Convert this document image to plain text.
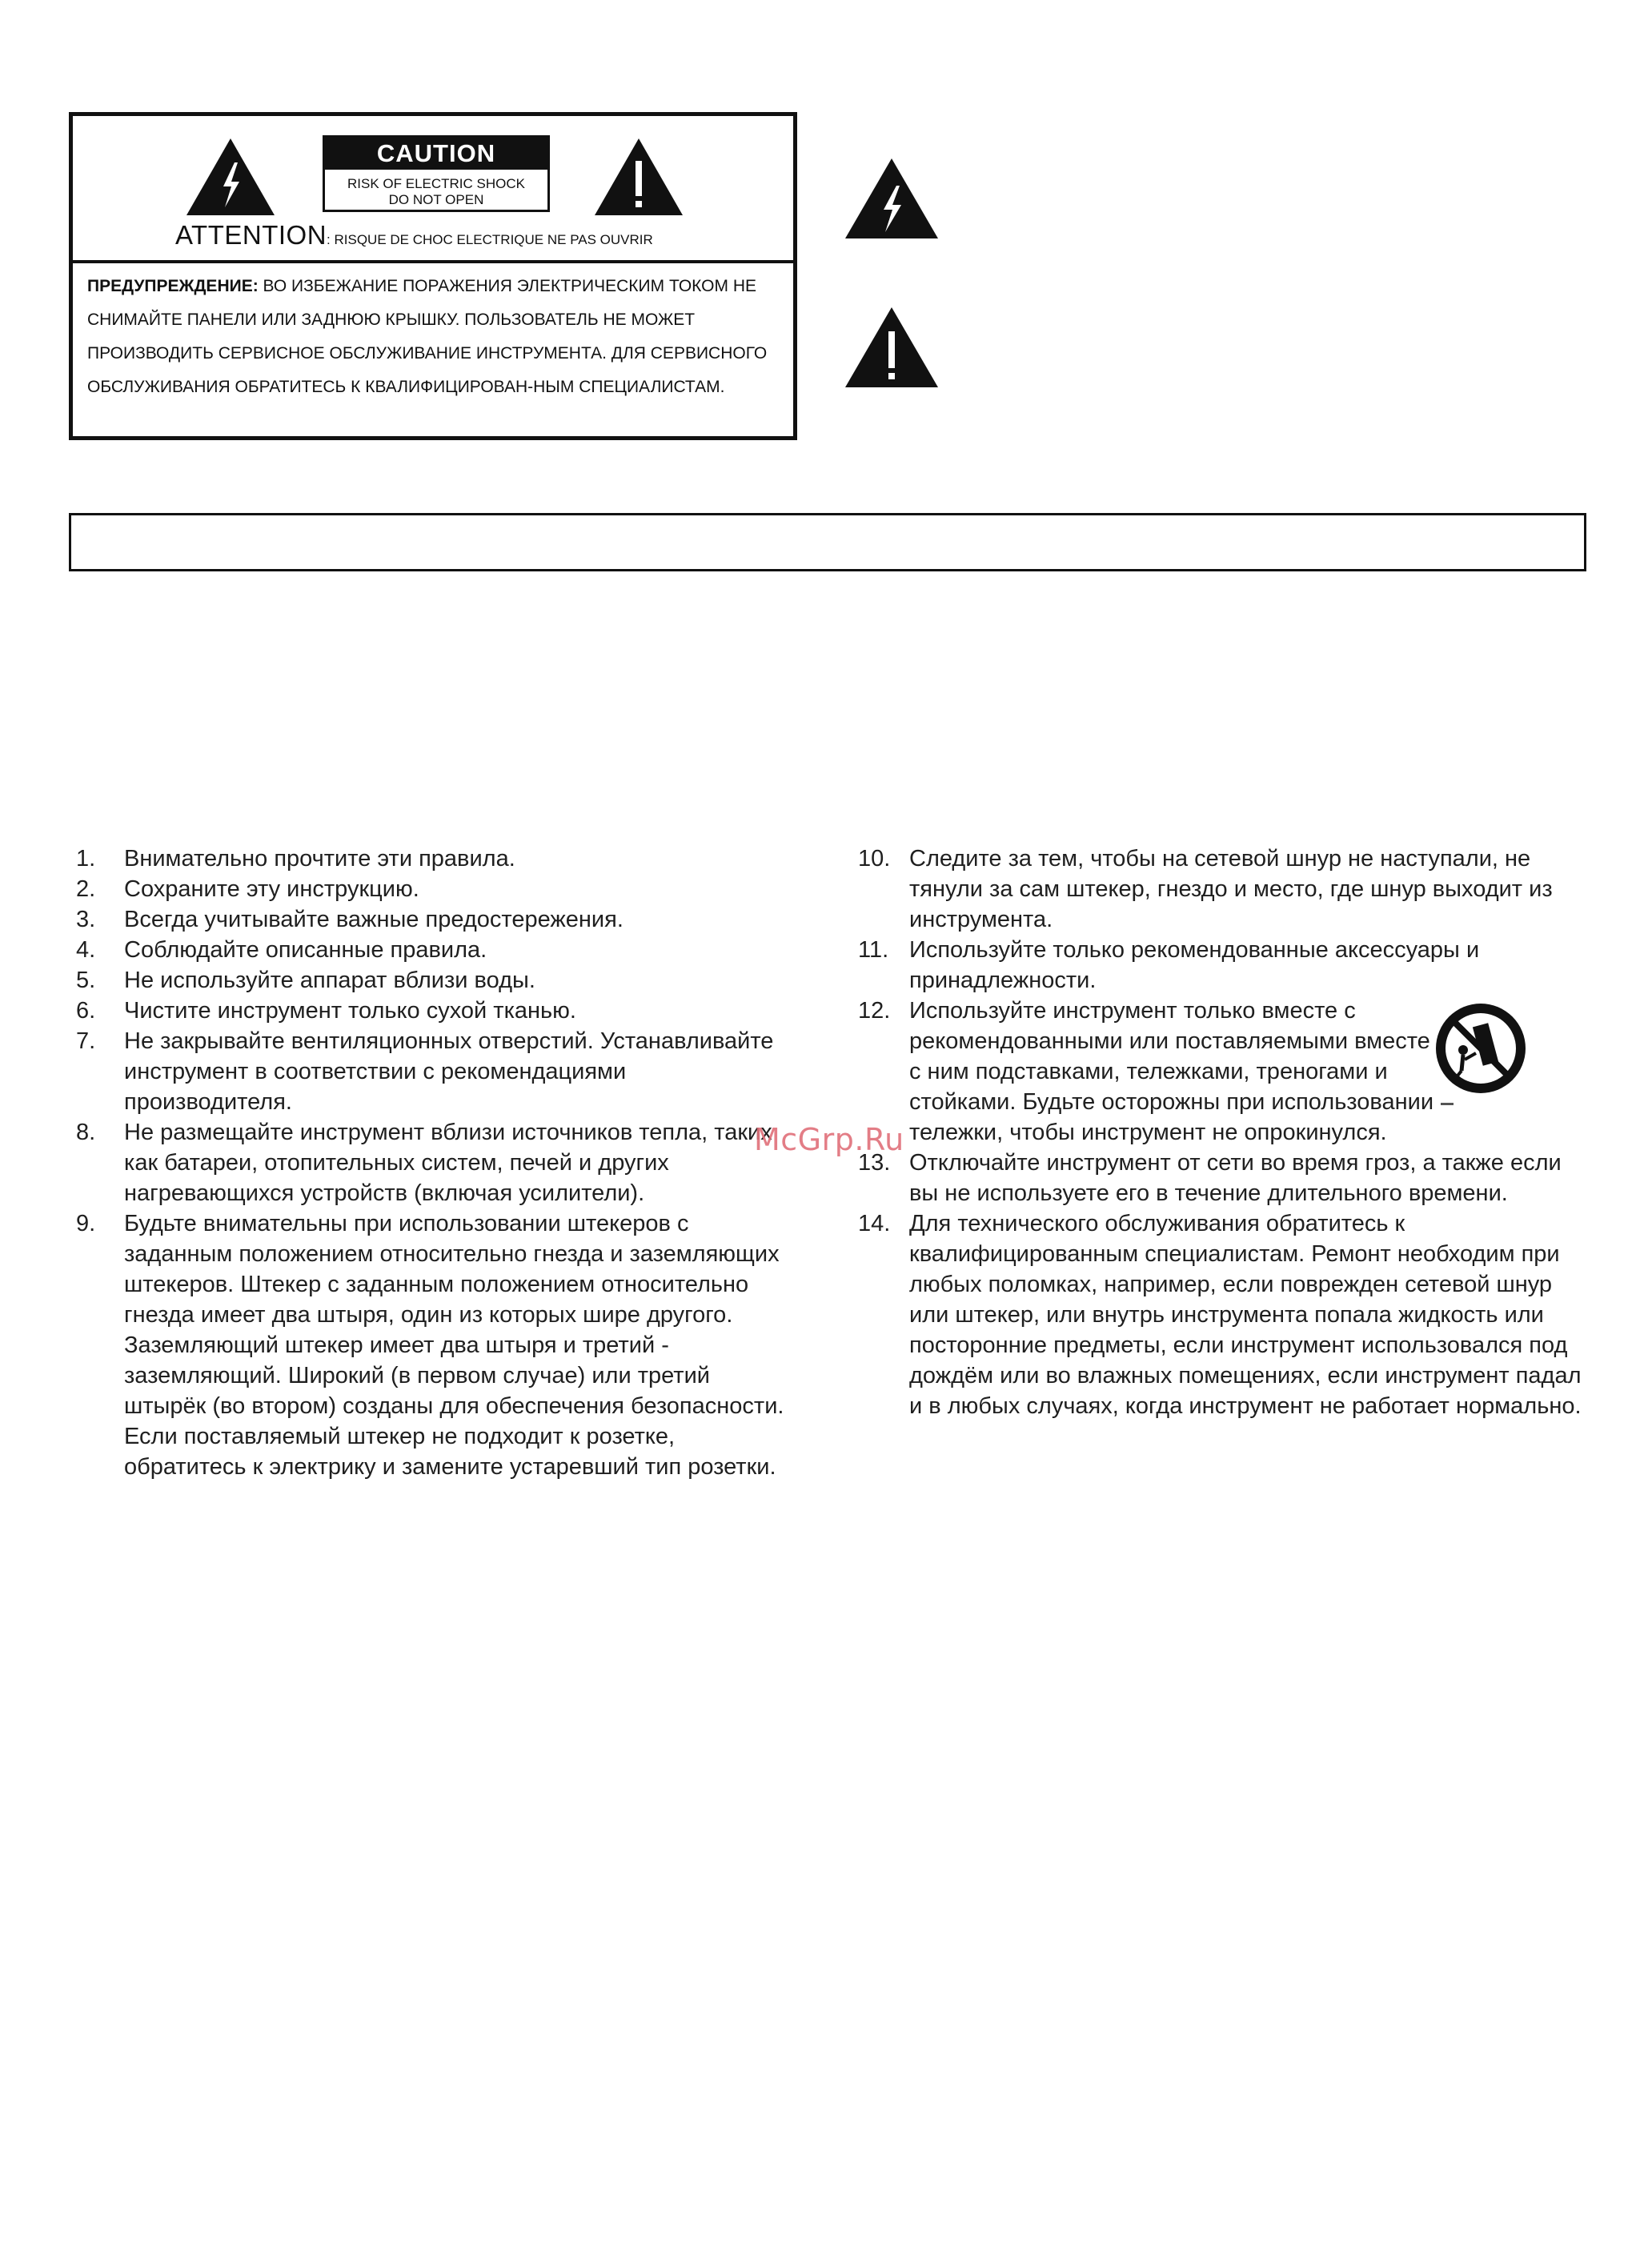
CAUTION
RISK OF ELECTRIC SHOCK
DO NOT OPEN
ATTENTION: RISQUE DE CHOC ELECTRIQUE NE PAS OUVRIR
ПРЕДУПРЕЖДЕНИЕ: ВО ИЗБЕЖАНИЕ ПОРАЖЕНИЯ ЭЛЕКТРИЧЕСКИМ ТОКОМ НЕ СНИМАЙТЕ ПАНЕЛИ ИЛИ ЗАДНЮЮ КРЫШКУ. ПОЛЬЗОВАТЕЛЬ НЕ МОЖЕТ ПРОИЗВОДИТЬ СЕРВИСНОЕ ОБСЛУЖИВАНИЕ ИНСТРУМЕНТА. ДЛЯ СЕРВИСНОГО ОБСЛУЖИВАНИЯ ОБРАТИТЕСЬ К КВАЛИФИЦИРОВАН-НЫМ СПЕЦИАЛИСТАМ.
1. Внимательно прочтите эти правила.
2. Сохраните эту инструкцию.
3. Всегда учитывайте важные предостережения.
4. Соблюдайте описанные правила.
5. Не используйте аппарат вблизи воды.
6. Чистите инструмент только сухой тканью.
7. Не закрывайте вентиляционных отверстий. Устанавливайте инструмент в соответствии с рекомендациями производителя.
8. Не размещайте инструмент вблизи источников тепла, таких как батареи, отопительных систем, печей и других нагревающихся устройств (включая усилители).
9. Будьте внимательны при использовании штекеров с заданным положением относительно гнезда и заземляющих штекеров. Штекер с заданным положением относительно гнезда имеет два штыря, один из которых шире другого. Заземляющий штекер имеет два штыря и третий - заземляющий. Широкий (в первом случае) или третий штырёк (во втором) созданы для обеспечения безопасности. Если поставляемый штекер не подходит к розетке, обратитесь к электрику и замените устаревший тип розетки.
10. Следите за тем, чтобы на сетевой шнур не наступали, не тянули за сам штекер, гнездо и место, где шнур выходит из инструмента.
11. Используйте только рекомендованные аксессуары и принадлежности.
12. Используйте инструмент только вместе с рекомендованными или поставляемыми вместе с ним подставками, тележками, треногами и стойками. Будьте осторожны при использовании тележки, чтобы инструмент не опрокинулся.
13. Отключайте инструмент от сети во время гроз, а также если вы не используете его в течение длительного времени.
14. Для технического обслуживания обратитесь к квалифицированным специалистам. Ремонт необходим при любых поломках, например, если поврежден сетевой шнур или штекер, или внутрь инструмента попала жидкость или посторонние предметы, если инструмент использовался под дождём или во влажных помещениях, если инструмент падал и в любых случаях, когда инструмент не работает нормально.
McGrp.Ru
